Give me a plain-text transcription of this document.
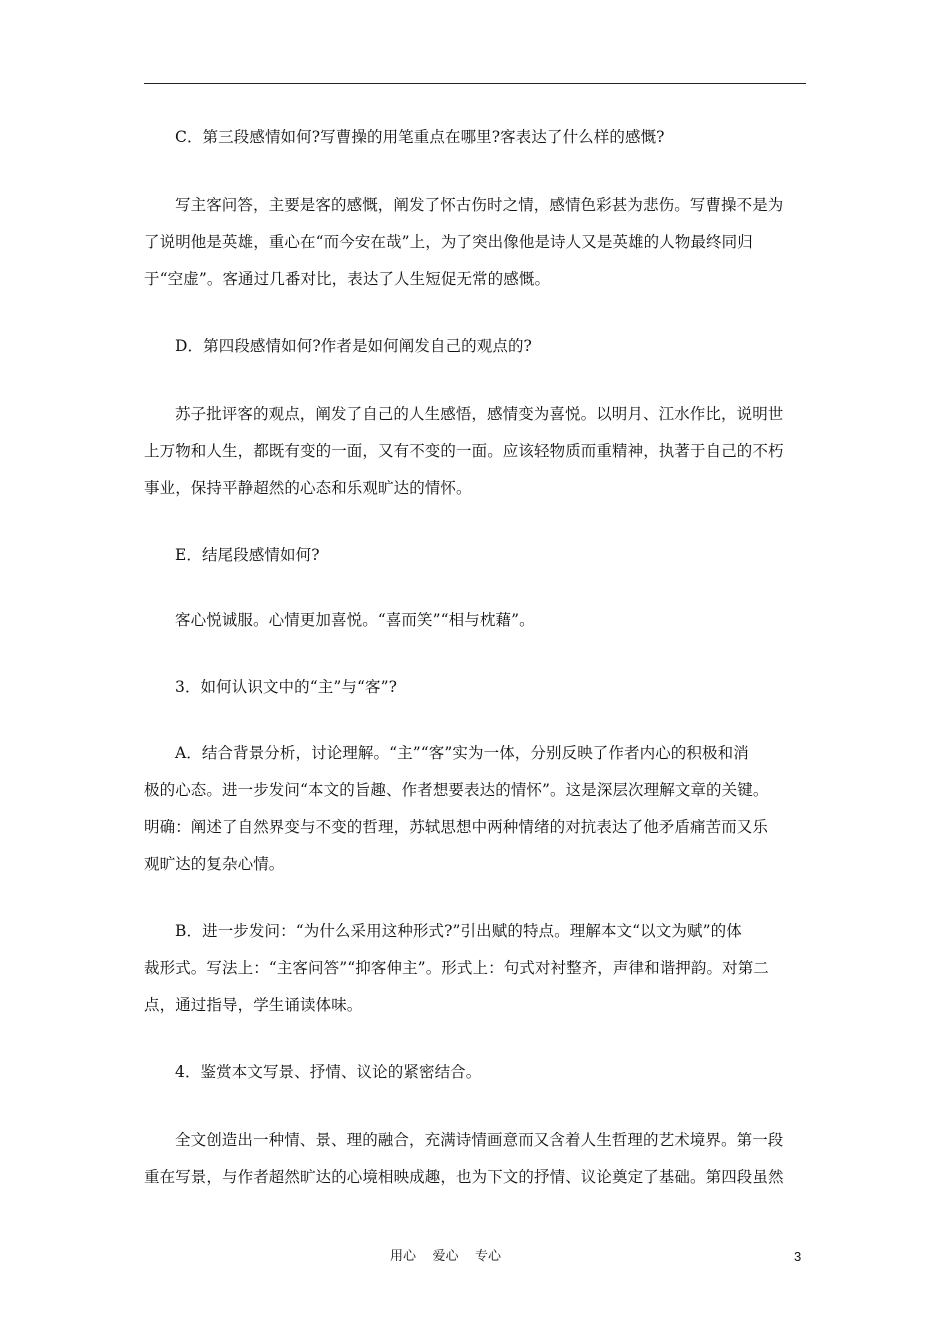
C．第三段感情如何?写曹操的用笔重点在哪里?客表达了什么样的感慨?
写主客问答，主要是客的感慨，阐发了怀古伤时之情，感情色彩甚为悲伤。写曹操不是为
了说明他是英雄，重心在“而今安在哉”上，为了突出像他是诗人又是英雄的人物最终同归
于“空虚”。客通过几番对比，表达了人生短促无常的感慨。
D．第四段感情如何?作者是如何阐发自己的观点的?
苏子批评客的观点，阐发了自己的人生感悟，感情变为喜悦。以明月、江水作比，说明世
上万物和人生，都既有变的一面，又有不变的一面。应该轻物质而重精神，执著于自己的不朽
事业，保持平静超然的心态和乐观旷达的情怀。
E．结尾段感情如何?
客心悦诚服。心情更加喜悦。“喜而笑”“相与枕藉”。
3．如何认识文中的“主”与“客”?
A．结合背景分析，讨论理解。“主”“客”实为一体，分别反映了作者内心的积极和消
极的心态。进一步发问“本文的旨趣、作者想要表达的情怀”。这是深层次理解文章的关键。
明确：阐述了自然界变与不变的哲理，苏轼思想中两种情绪的对抗表达了他矛盾痛苦而又乐
观旷达的复杂心情。
B．进一步发问：“为什么采用这种形式?”引出赋的特点。理解本文“以文为赋”的体
裁形式。写法上：“主客问答”“抑客伸主”。形式上：句式对衬整齐，声律和谐押韵。对第二
点，通过指导，学生诵读体味。
4．鉴赏本文写景、抒情、议论的紧密结合。
全文创造出一种情、景、理的融合，充满诗情画意而又含着人生哲理的艺术境界。第一段
重在写景，与作者超然旷达的心境相映成趣，也为下文的抒情、议论奠定了基础。第四段虽然
用心    爱心    专心	3
